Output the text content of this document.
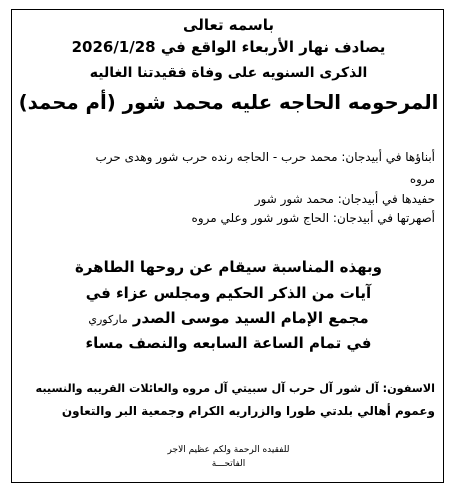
باسمه تعالى
يصادف نهار الأربعاء الواقع في 2026/1/28
الذكرى السنويه على وفاة فقيدتنا الغاليه
المرحومه الحاجه عليه محمد شور (أم محمد)
أبناؤها في أبيدجان: محمد حرب - الحاجه رنده حرب شور وهدى حرب
مروه
حفيدها في أبيدجان: محمد شور شور
أصهرتها في أبيدجان: الحاج شور شور وعلي مروه
وبهذه المناسبة سيقام عن روحها الطاهرة
آيات من الذكر الحكيم ومجلس عزاء في
مجمع الإمام السيد موسى الصدر ماركوري
في تمام الساعة السابعه والنصف مساء
الاسفون: آل شور آل حرب آل سبيتي آل مروه والعائلات القريبه والنسيبه
وعموم أهالي بلدتي طورا والزراريه الكرام وجمعية البر والتعاون
للفقيده الرحمة ولكم عظيم الاجر
الفاتحـــة
